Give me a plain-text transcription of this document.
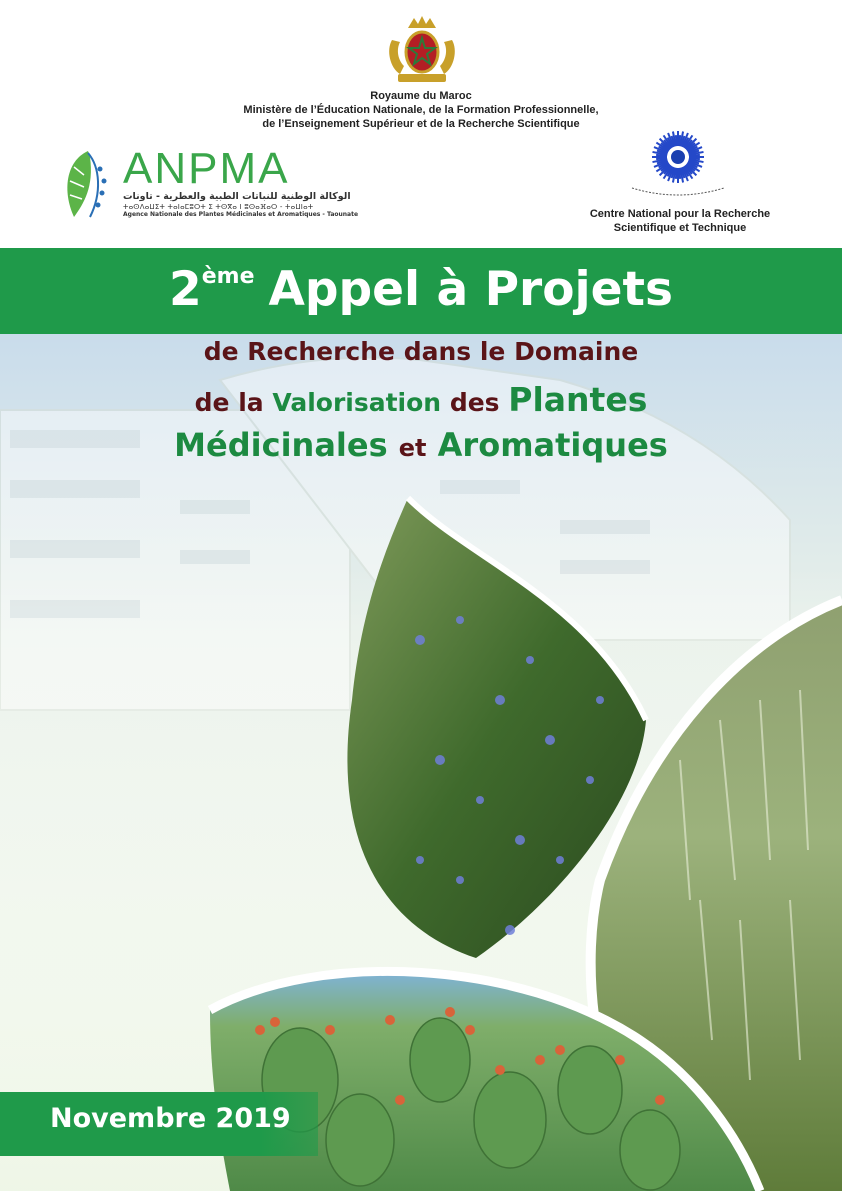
Royaume du Maroc
Ministère de l’Éducation Nationale, de la Formation Professionnelle,
de l’Enseignement Supérieur et de la Recherche Scientifique
ANPMA
الوكالة الوطنية للنباتات الطبية والعطرية - تاونات
ⵜⴰⵙⴷⴰⵡⵉⵜ ⵜⴰⵏⴰⵎⵓⵔⵜ ⵉ ⵜⵙⴳⴰ ⵏ ⵓⵙⴰⴼⴰⵔ - ⵜⴰⵡⵏⴰⵜ
Agence Nationale des Plantes Médicinales et Aromatiques - Taounate	Centre National pour la Recherche
Scientifique et Technique
2ème Appel à Projets
de Recherche dans le Domaine
de la Valorisation des Plantes
Médicinales et Aromatiques
Novembre 2019
